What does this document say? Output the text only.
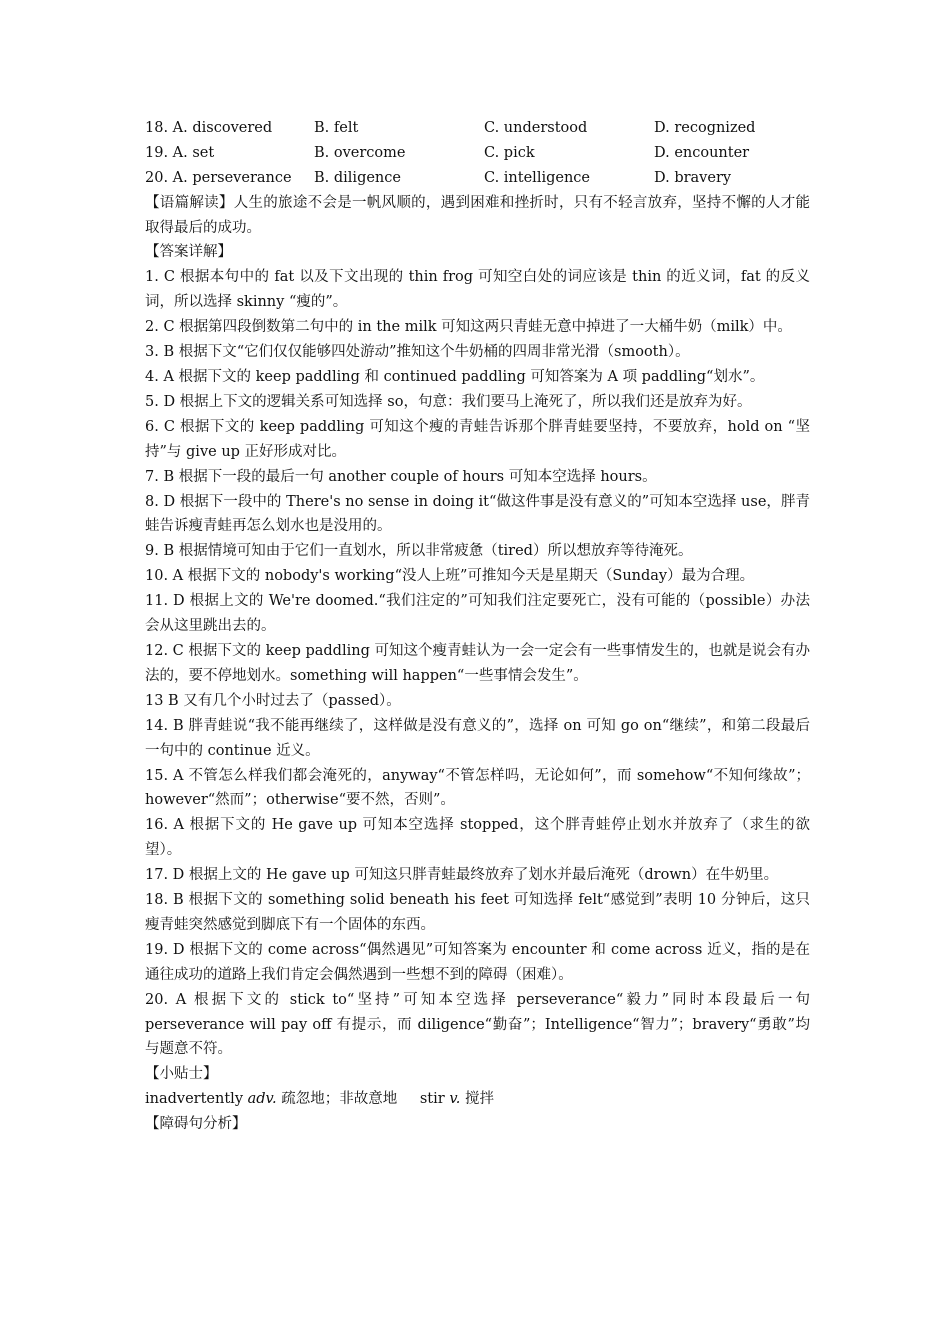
18. A. discovered	B. felt	C. understood	D. recognized
19. A. set	B. overcome	C. pick	D. encounter
20. A. perseverance	B. diligence	C. intelligence	D. bravery

【语篇解读】人生的旅途不会是一帆风顺的，遇到困难和挫折时，只有不轻言放弃，坚持不懈的人才能取得最后的成功。

【答案详解】

1. C 根据本句中的 fat 以及下文出现的 thin frog 可知空白处的词应该是 thin 的近义词，fat 的反义词，所以选择 skinny “瘦的”。

2. C 根据第四段倒数第二句中的 in the milk 可知这两只青蛙无意中掉进了一大桶牛奶（milk）中。

3. B 根据下文“它们仅仅能够四处游动”推知这个牛奶桶的四周非常光滑（smooth）。

4. A 根据下文的 keep paddling 和 continued paddling 可知答案为 A 项 paddling“划水”。

5. D 根据上下文的逻辑关系可知选择 so，句意：我们要马上淹死了，所以我们还是放弃为好。

6. C 根据下文的 keep paddling 可知这个瘦的青蛙告诉那个胖青蛙要坚持，不要放弃，hold on “坚持”与 give up 正好形成对比。

7. B 根据下一段的最后一句 another couple of hours 可知本空选择 hours。

8. D 根据下一段中的 There's no sense in doing it“做这件事是没有意义的”可知本空选择 use，胖青蛙告诉瘦青蛙再怎么划水也是没用的。

9. B 根据情境可知由于它们一直划水，所以非常疲惫（tired）所以想放弃等待淹死。

10. A 根据下文的 nobody's working“没人上班”可推知今天是星期天（Sunday）最为合理。

11. D 根据上文的 We're doomed.“我们注定的”可知我们注定要死亡，没有可能的（possible）办法会从这里跳出去的。

12. C 根据下文的 keep paddling 可知这个瘦青蛙认为一会一定会有一些事情发生的，也就是说会有办法的，要不停地划水。something will happen“一些事情会发生”。

13 B 又有几个小时过去了（passed）。

14. B 胖青蛙说“我不能再继续了，这样做是没有意义的”，选择 on 可知 go on“继续”，和第二段最后一句中的 continue 近义。

15. A 不管怎么样我们都会淹死的，anyway“不管怎样吗，无论如何”，而 somehow“不知何缘故”；however“然而”；otherwise“要不然，否则”。

16. A 根据下文的 He gave up 可知本空选择 stopped，这个胖青蛙停止划水并放弃了（求生的欲望）。

17. D 根据上文的 He gave up 可知这只胖青蛙最终放弃了划水并最后淹死（drown）在牛奶里。

18. B 根据下文的 something solid beneath his feet 可知选择 felt“感觉到”表明 10 分钟后，这只瘦青蛙突然感觉到脚底下有一个固体的东西。

19. D 根据下文的 come across“偶然遇见”可知答案为 encounter 和 come across 近义，指的是在通往成功的道路上我们肯定会偶然遇到一些想不到的障碍（困难）。

20. A 根据下文的 stick to“坚持”可知本空选择 perseverance“毅力”同时本段最后一句 perseverance will pay off 有提示，而 diligence“勤奋”；Intelligence“智力”；bravery“勇敢”均与题意不符。

【小贴士】

inadvertently adv. 疏忽地；非故意地 stir v. 搅拌

【障碍句分析】
